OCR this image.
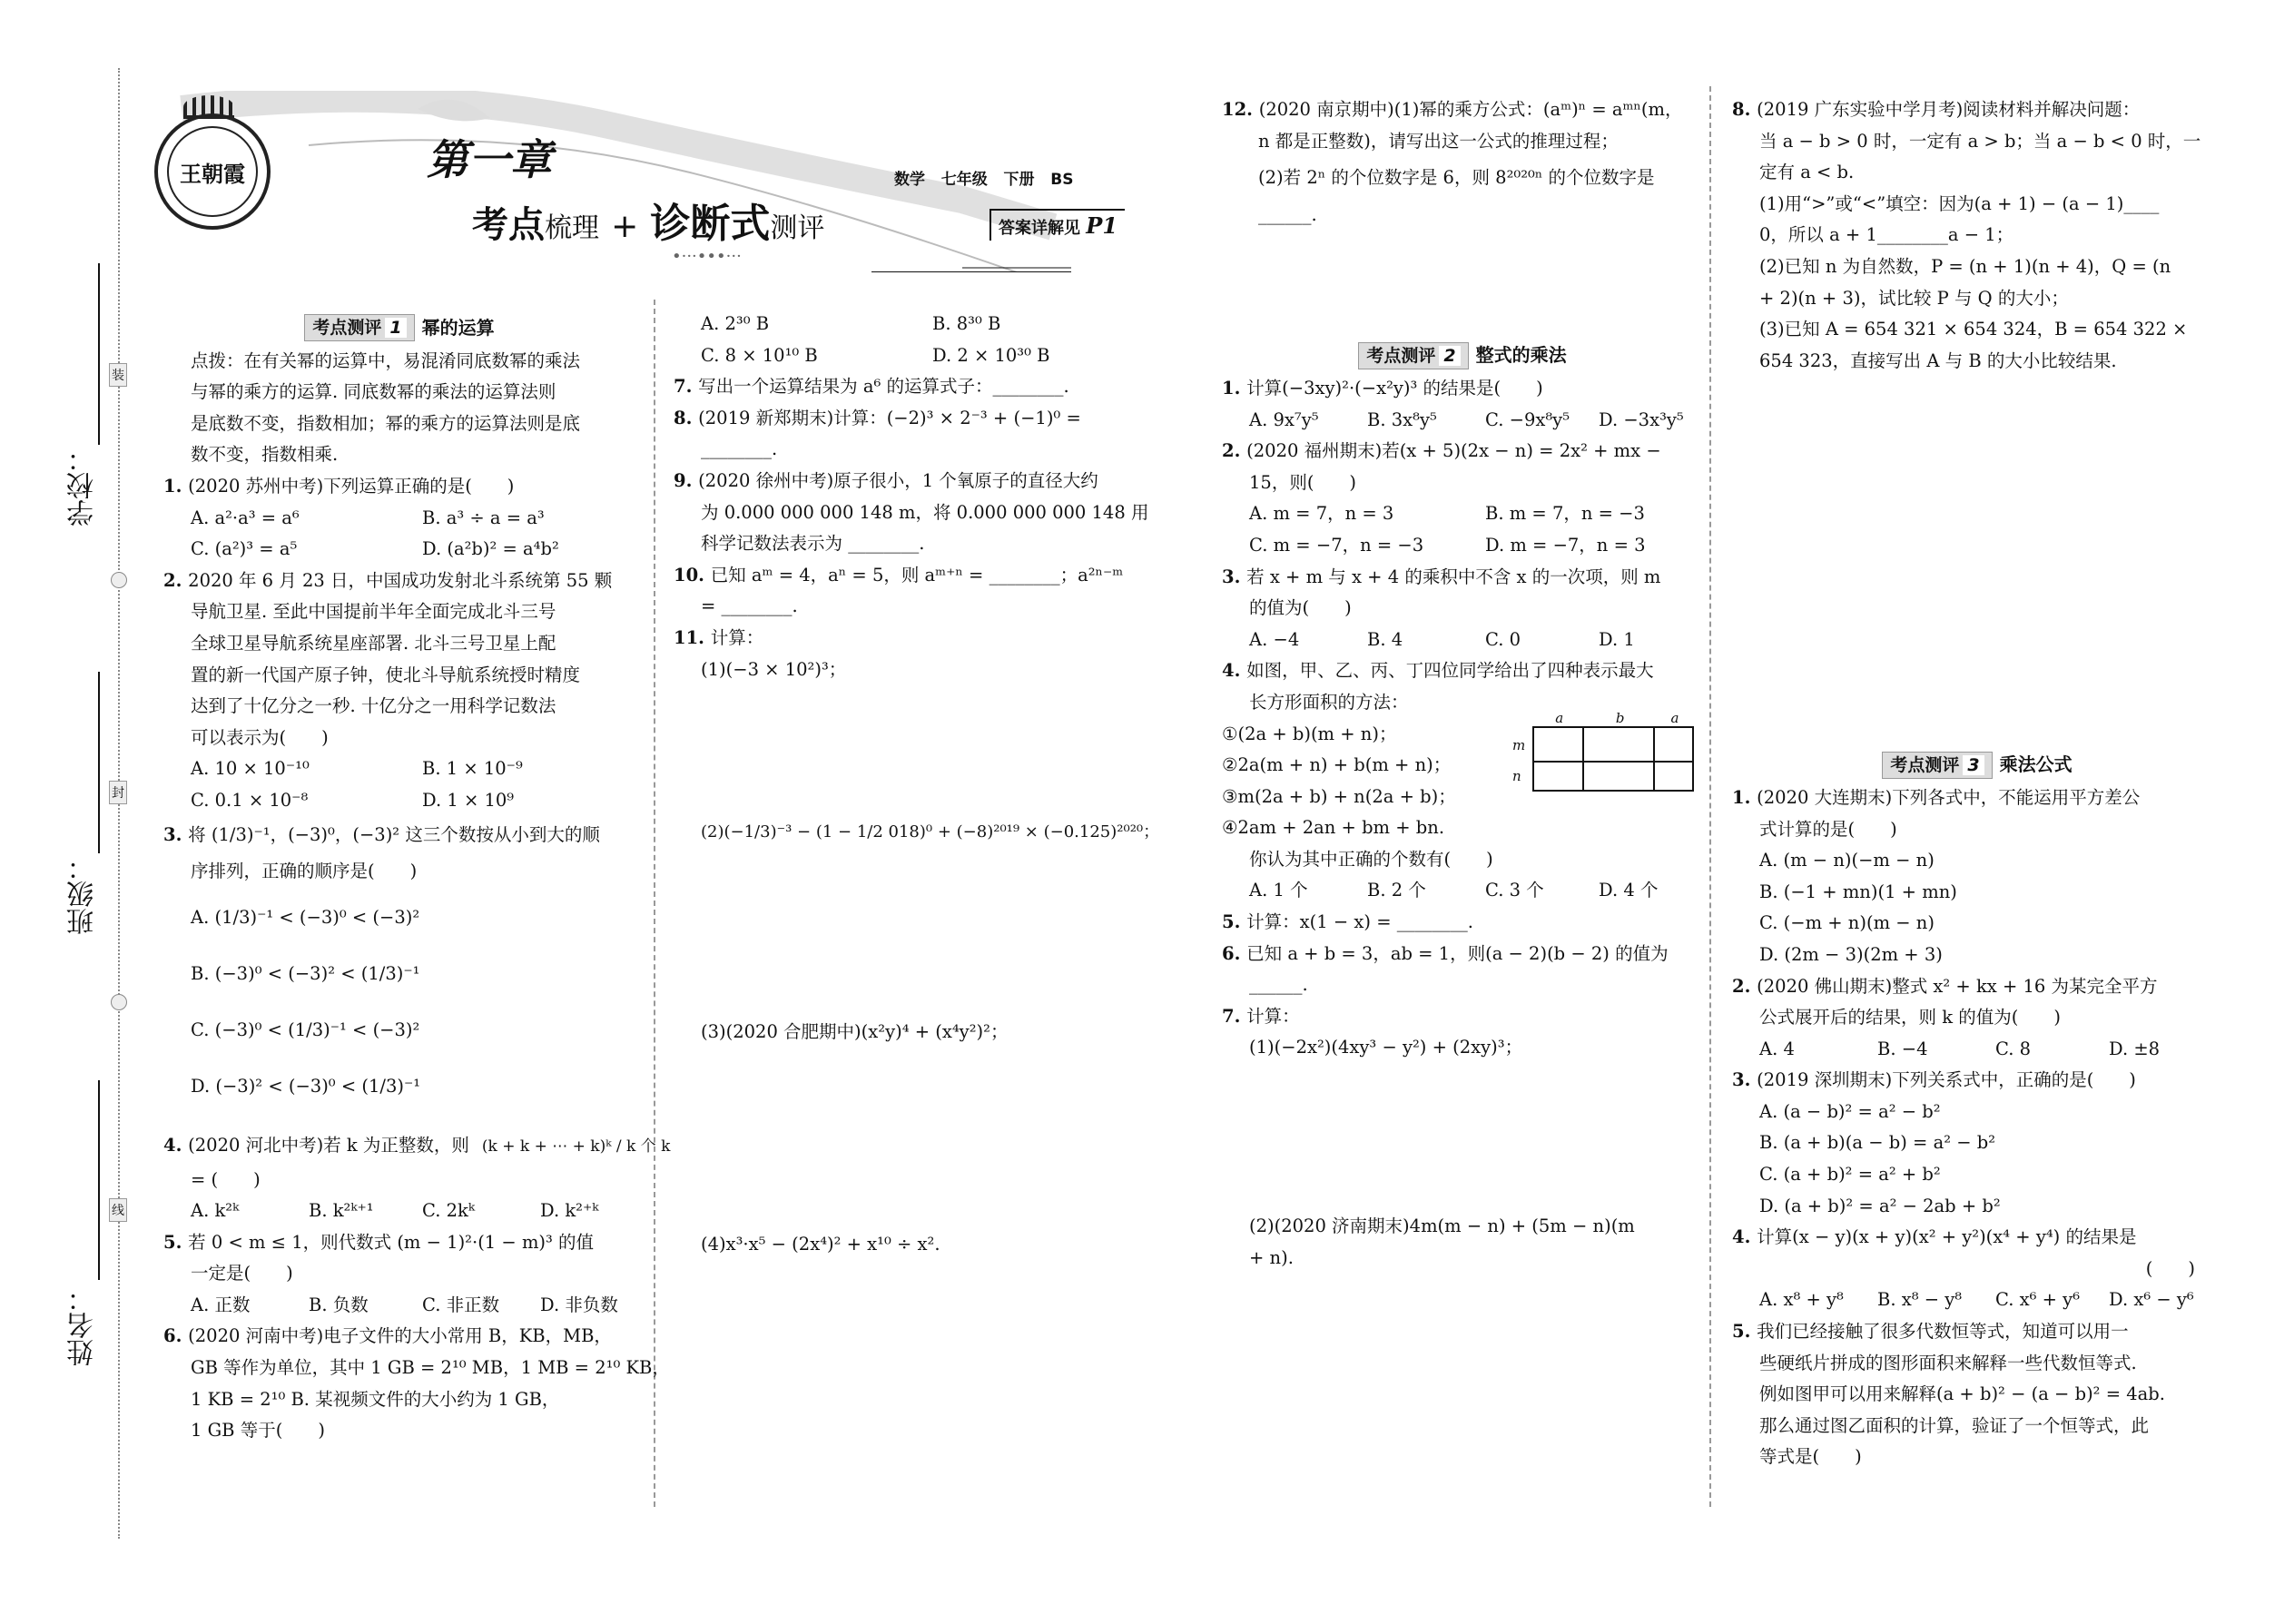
装
封
线
学校：
班级：
姓名：
王朝霞	第一章
考点梳理 + 诊断式测评
数学 七年级 下册 BS
答案详解见 P1
•···•••···
考点测评 1	幂的运算
点拨：在有关幂的运算中，易混淆同底数幂的乘法
与幂的乘方的运算. 同底数幂的乘法的运算法则
是底数不变，指数相加；幂的乘方的运算法则是底
数不变，指数相乘.
1. (2020 苏州中考)下列运算正确的是(　　)
A. a²·a³ = a⁶	B. a³ ÷ a = a³
C. (a²)³ = a⁵	D. (a²b)² = a⁴b²
2. 2020 年 6 月 23 日，中国成功发射北斗系统第 55 颗
导航卫星. 至此中国提前半年全面完成北斗三号
全球卫星导航系统星座部署. 北斗三号卫星上配
置的新一代国产原子钟，使北斗导航系统授时精度
达到了十亿分之一秒. 十亿分之一用科学记数法
可以表示为(　　)
A. 10 × 10⁻¹⁰	B. 1 × 10⁻⁹
C. 0.1 × 10⁻⁸	D. 1 × 10⁹
3. 将 (1/3)⁻¹，(−3)⁰，(−3)² 这三个数按从小到大的顺
序排列，正确的顺序是(　　)
A. (1/3)⁻¹ < (−3)⁰ < (−3)²
B. (−3)⁰ < (−3)² < (1/3)⁻¹
C. (−3)⁰ < (1/3)⁻¹ < (−3)²
D. (−3)² < (−3)⁰ < (1/3)⁻¹
4. (2020 河北中考)若 k 为正整数，则 (k + k + ⋯ + k)ᵏ / k 个 k
= (　　)
A. k²ᵏ	B. k²ᵏ⁺¹	C. 2kᵏ	D. k²⁺ᵏ
5. 若 0 < m ≤ 1，则代数式 (m − 1)²·(1 − m)³ 的值
一定是(　　)
A. 正数	B. 负数	C. 非正数	D. 非负数
6. (2020 河南中考)电子文件的大小常用 B，KB，MB，
GB 等作为单位，其中 1 GB = 2¹⁰ MB，1 MB = 2¹⁰ KB，
1 KB = 2¹⁰ B. 某视频文件的大小约为 1 GB，
1 GB 等于(　　)
A. 2³⁰ B	B. 8³⁰ B
C. 8 × 10¹⁰ B	D. 2 × 10³⁰ B
7. 写出一个运算结果为 a⁶ 的运算式子：________.
8. (2019 新郑期末)计算：(−2)³ × 2⁻³ + (−1)⁰ =
________.
9. (2020 徐州中考)原子很小，1 个氧原子的直径大约
为 0.000 000 000 148 m，将 0.000 000 000 148 用
科学记数法表示为 ________.
10. 已知 aᵐ = 4，aⁿ = 5，则 aᵐ⁺ⁿ = ________；a²ⁿ⁻ᵐ
= ________.
11. 计算：
(1)(−3 × 10²)³；
(2)(−1/3)⁻³ − (1 − 1/2 018)⁰ + (−8)²⁰¹⁹ × (−0.125)²⁰²⁰；
(3)(2020 合肥期中)(x²y)⁴ + (x⁴y²)²；
(4)x³·x⁵ − (2x⁴)² + x¹⁰ ÷ x².
12. (2020 南京期中)(1)幂的乘方公式：(aᵐ)ⁿ = aᵐⁿ(m，
n 都是正整数)，请写出这一公式的推理过程；
(2)若 2ⁿ 的个位数字是 6，则 8²⁰²⁰ⁿ 的个位数字是
______.
考点测评 2	整式的乘法
1. 计算(−3xy)²·(−x²y)³ 的结果是(　　)
A. 9x⁷y⁵	B. 3x⁸y⁵	C. −9x⁸y⁵	D. −3x³y⁵
2. (2020 福州期末)若(x + 5)(2x − n) = 2x² + mx −
15，则(　　)
A. m = 7，n = 3	B. m = 7，n = −3
C. m = −7，n = −3	D. m = −7，n = 3
3. 若 x + m 与 x + 4 的乘积中不含 x 的一次项，则 m
的值为(　　)
A. −4	B. 4	C. 0	D. 1
4. 如图，甲、乙、丙、丁四位同学给出了四种表示最大
长方形面积的方法：
①(2a + b)(m + n)；
②2a(m + n) + b(m + n)；
③m(2a + b) + n(2a + b)；
④2am + 2an + bm + bn.
你认为其中正确的个数有(　　)
A. 1 个	B. 2 个	C. 3 个	D. 4 个
a	b	a
m
n

5. 计算：x(1 − x) = ________.
6. 已知 a + b = 3，ab = 1，则(a − 2)(b − 2) 的值为
______.
7. 计算：
(1)(−2x²)(4xy³ − y²) + (2xy)³；
(2)(2020 济南期末)4m(m − n) + (5m − n)(m
+ n).
8. (2019 广东实验中学月考)阅读材料并解决问题：
当 a − b > 0 时，一定有 a > b；当 a − b < 0 时，一
定有 a < b.
(1)用“>”或“<”填空：因为(a + 1) − (a − 1)____
0，所以 a + 1________a − 1；
(2)已知 n 为自然数，P = (n + 1)(n + 4)，Q = (n
+ 2)(n + 3)，试比较 P 与 Q 的大小；
(3)已知 A = 654 321 × 654 324，B = 654 322 ×
654 323，直接写出 A 与 B 的大小比较结果.
考点测评 3	乘法公式
1. (2020 大连期末)下列各式中，不能运用平方差公
式计算的是(　　)
A. (m − n)(−m − n)
B. (−1 + mn)(1 + mn)
C. (−m + n)(m − n)
D. (2m − 3)(2m + 3)
2. (2020 佛山期末)整式 x² + kx + 16 为某完全平方
公式展开后的结果，则 k 的值为(　　)
A. 4	B. −4	C. 8	D. ±8
3. (2019 深圳期末)下列关系式中，正确的是(　　)
A. (a − b)² = a² − b²
B. (a + b)(a − b) = a² − b²
C. (a + b)² = a² + b²
D. (a + b)² = a² − 2ab + b²
4. 计算(x − y)(x + y)(x² + y²)(x⁴ + y⁴) 的结果是
(　　)
A. x⁸ + y⁸	B. x⁸ − y⁸	C. x⁶ + y⁶	D. x⁶ − y⁶
5. 我们已经接触了很多代数恒等式，知道可以用一
些硬纸片拼成的图形面积来解释一些代数恒等式.
例如图甲可以用来解释(a + b)² − (a − b)² = 4ab.
那么通过图乙面积的计算，验证了一个恒等式，此
等式是(　　)
